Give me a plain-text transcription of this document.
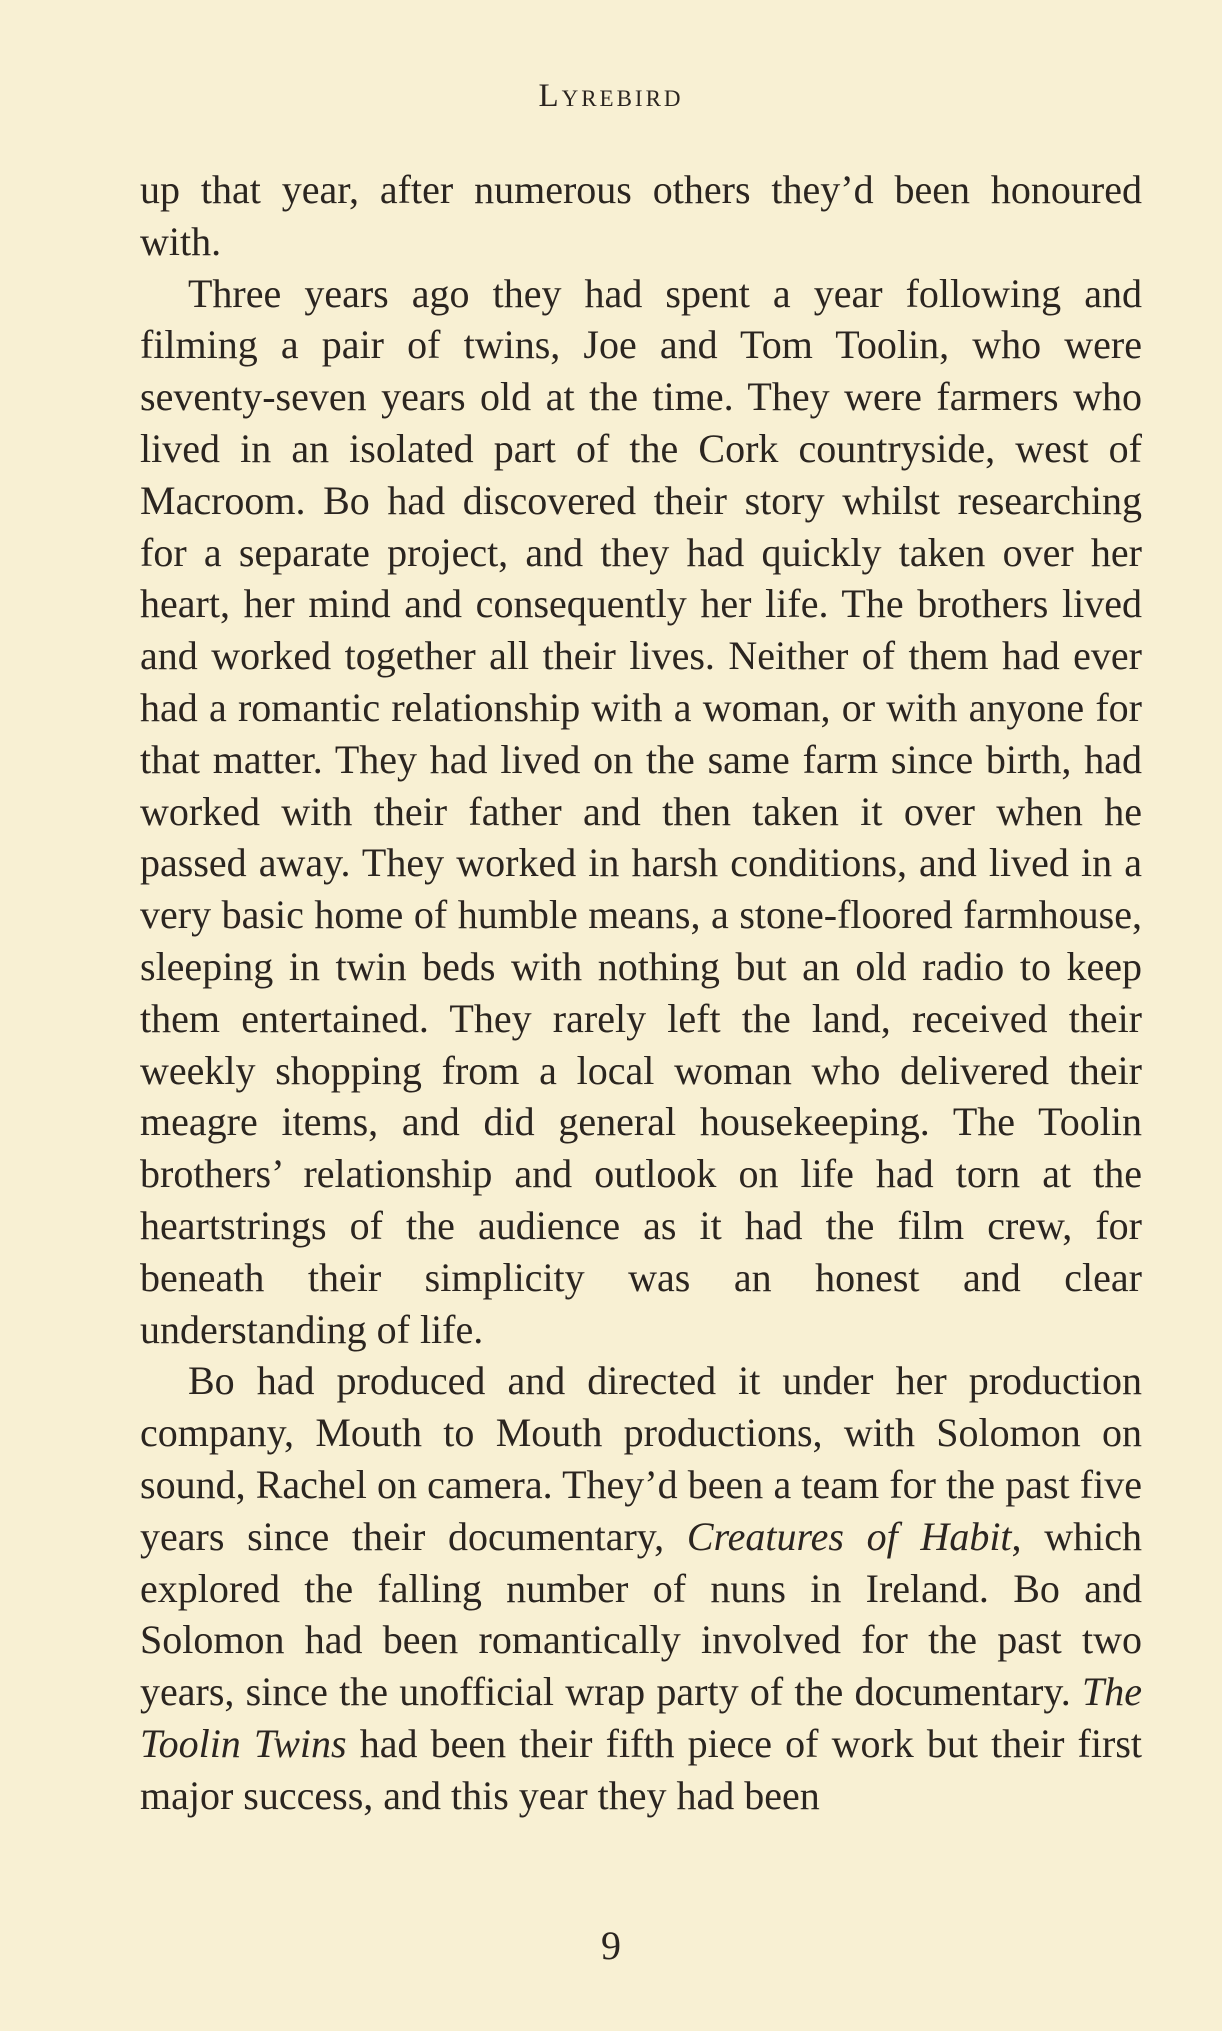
Lyrebird

up that year, after numerous others they’d been honoured with.

Three years ago they had spent a year following and filming a pair of twins, Joe and Tom Toolin, who were seventy-seven years old at the time. They were farmers who lived in an isolated part of the Cork countryside, west of Macroom. Bo had discovered their story whilst researching for a separate project, and they had quickly taken over her heart, her mind and consequently her life. The brothers lived and worked together all their lives. Neither of them had ever had a romantic relationship with a woman, or with anyone for that matter. They had lived on the same farm since birth, had worked with their father and then taken it over when he passed away. They worked in harsh conditions, and lived in a very basic home of humble means, a stone-floored farmhouse, sleeping in twin beds with nothing but an old radio to keep them entertained. They rarely left the land, received their weekly shopping from a local woman who delivered their meagre items, and did general housekeeping. The Toolin brothers’ relationship and outlook on life had torn at the heartstrings of the audience as it had the film crew, for beneath their simplicity was an honest and clear understanding of life.

Bo had produced and directed it under her production company, Mouth to Mouth productions, with Solomon on sound, Rachel on camera. They’d been a team for the past five years since their documentary, Creatures of Habit, which explored the falling number of nuns in Ireland. Bo and Solomon had been romantically involved for the past two years, since the unofficial wrap party of the documentary. The Toolin Twins had been their fifth piece of work but their first major success, and this year they had been

9
